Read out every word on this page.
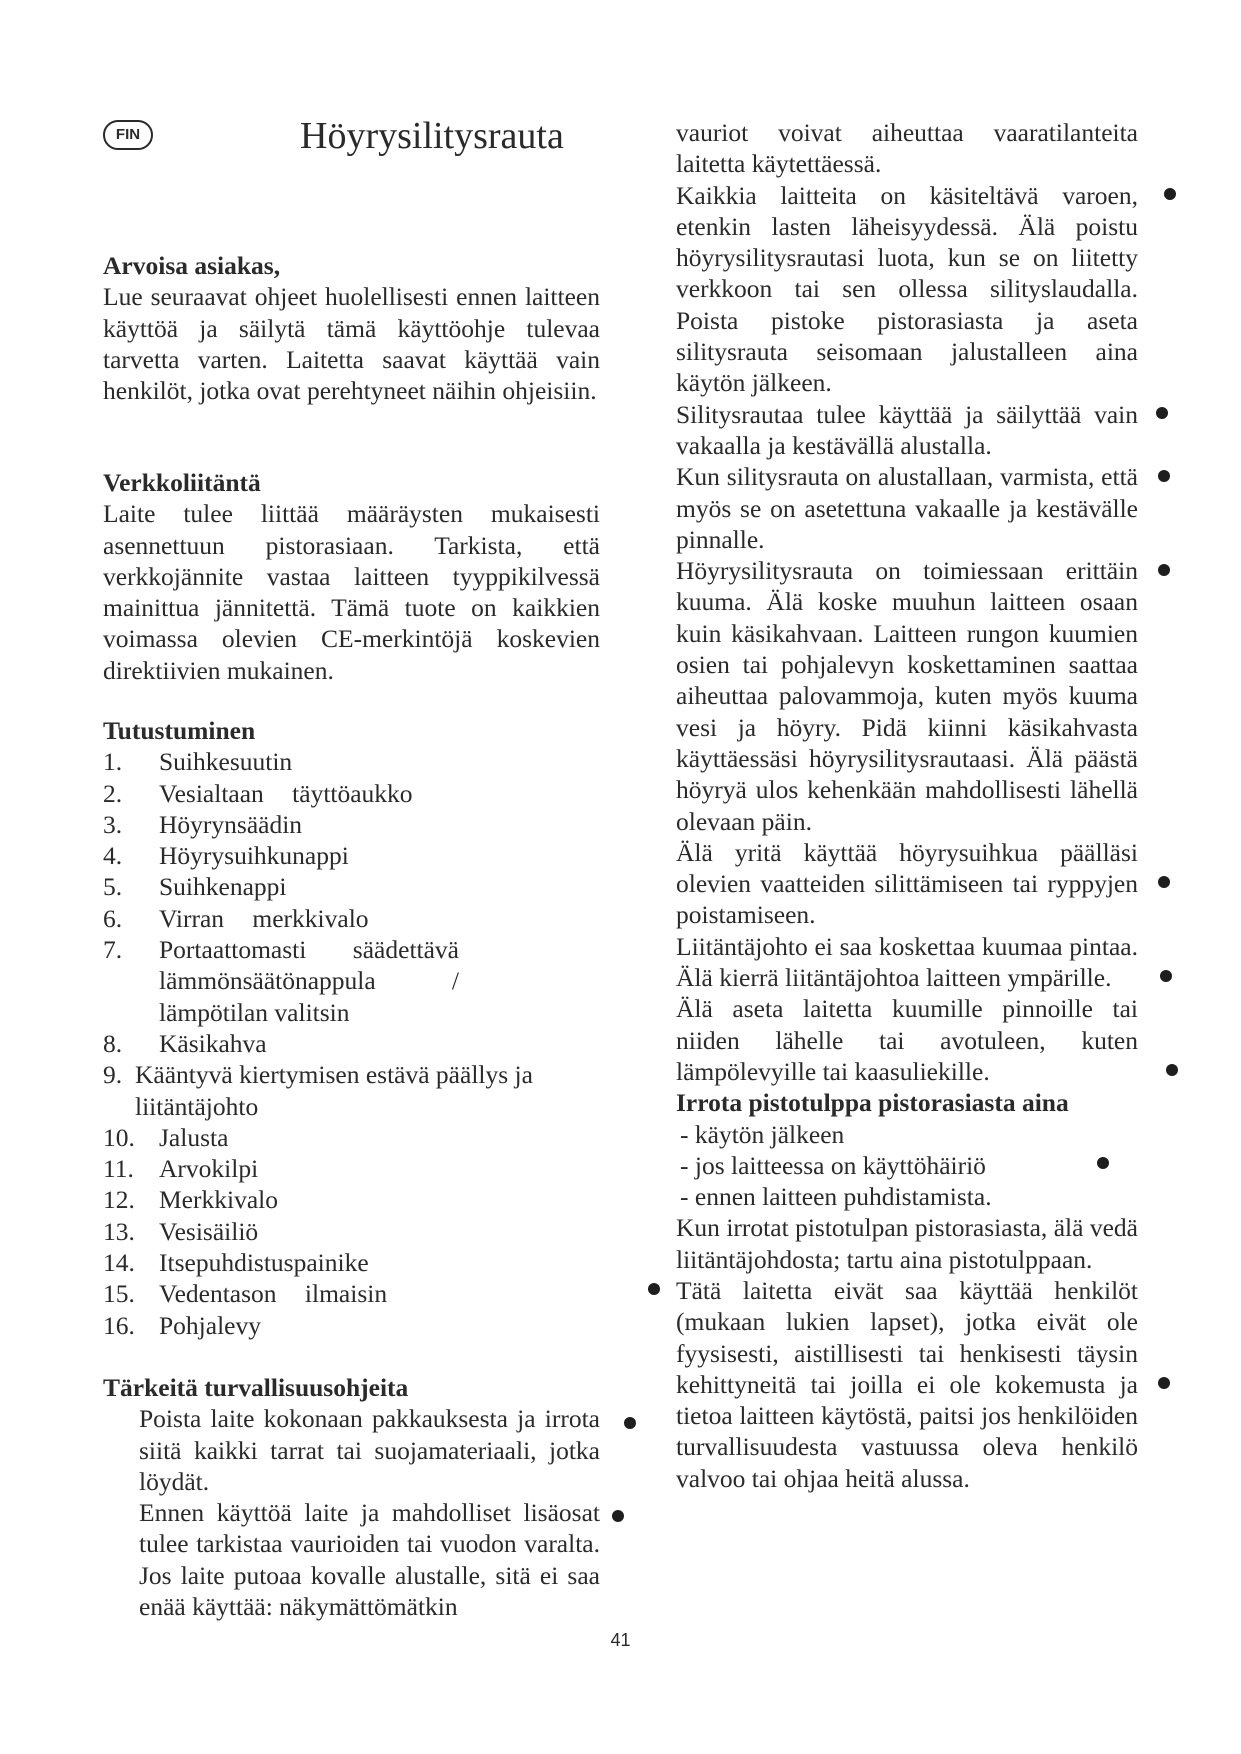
FIN	Höyrysilitysrauta
Arvoisa asiakas,
Lue seuraavat ohjeet huolellisesti ennen laitteen käyttöä ja säilytä tämä käyttöohje tulevaa tarvetta varten. Laitetta saavat käyttää vain henkilöt, jotka ovat perehtyneet näihin ohjeisiin.
Verkkoliitäntä
Laite tulee liittää määräysten mukaisesti asennettuun pistorasiaan. Tarkista, että verkkojännite vastaa laitteen tyyppikilvessä mainittua jännitettä. Tämä tuote on kaikkien voimassa olevien CE-merkintöjä koskevien direktiivien mukainen.
Tutustuminen
1. Suihkesuutin
2. Vesialtaan täyttöaukko
3. Höyrynsäädin
4. Höyrysuihkunappi
5. Suihkenappi
6. Virran merkkivalo
7. Portaattomasti säädettävä lämmönsäätönappula / lämpötilan valitsin
8. Käsikahva
9. Kääntyvä kiertymisen estävä päällys ja liitäntäjohto
10. Jalusta
11. Arvokilpi
12. Merkkivalo
13. Vesisäiliö
14. Itsepuhdistuspainike
15. Vedentason ilmaisin
16. Pohjalevy
Tärkeitä turvallisuusohjeita
Poista laite kokonaan pakkauksesta ja irrota siitä kaikki tarrat tai suojamateriaali, jotka löydät.
Ennen käyttöä laite ja mahdolliset lisäosat tulee tarkistaa vaurioiden tai vuodon varalta. Jos laite putoaa kovalle alustalle, sitä ei saa enää käyttää: näkymättömätkin
vauriot voivat aiheuttaa vaaratilanteita laitetta käytettäessä.
Kaikkia laitteita on käsiteltävä varoen, etenkin lasten läheisyydessä. Älä poistu höyrysilitysrautasi luota, kun se on liitetty verkkoon tai sen ollessa silityslaudalla. Poista pistoke pistorasiasta ja aseta silitysrauta seisomaan jalustalleen aina käytön jälkeen.
Silitysrautaa tulee käyttää ja säilyttää vain vakaalla ja kestävällä alustalla.
Kun silitysrauta on alustallaan, varmista, että myös se on asetettuna vakaalle ja kestävälle pinnalle.
Höyrysilitysrauta on toimiessaan erittäin kuuma. Älä koske muuhun laitteen osaan kuin käsikahvaan. Laitteen rungon kuumien osien tai pohjalevyn koskettaminen saattaa aiheuttaa palovammoja, kuten myös kuuma vesi ja höyry. Pidä kiinni käsikahvasta käyttäessäsi höyrysilitysrautaasi. Älä päästä höyryä ulos kehenkään mahdollisesti lähellä olevaan päin.
Älä yritä käyttää höyrysuihkua päälläsi olevien vaatteiden silittämiseen tai ryppyjen poistamiseen.
Liitäntäjohto ei saa koskettaa kuumaa pintaa. Älä kierrä liitäntäjohtoa laitteen ympärille.
Älä aseta laitetta kuumille pinnoille tai niiden lähelle tai avotuleen, kuten lämpölevyille tai kaasuliekille.
Irrota pistotulppa pistorasiasta aina
- käytön jälkeen
- jos laitteessa on käyttöhäiriö
- ennen laitteen puhdistamista.
Kun irrotat pistotulpan pistorasiasta, älä vedä liitäntäjohdosta; tartu aina pistotulppaan.
Tätä laitetta eivät saa käyttää henkilöt (mukaan lukien lapset), jotka eivät ole fyysisesti, aistillisesti tai henkisesti täysin kehittyneitä tai joilla ei ole kokemusta ja tietoa laitteen käytöstä, paitsi jos henkilöiden turvallisuudesta vastuussa oleva henkilö valvoo tai ohjaa heitä alussa.
41
